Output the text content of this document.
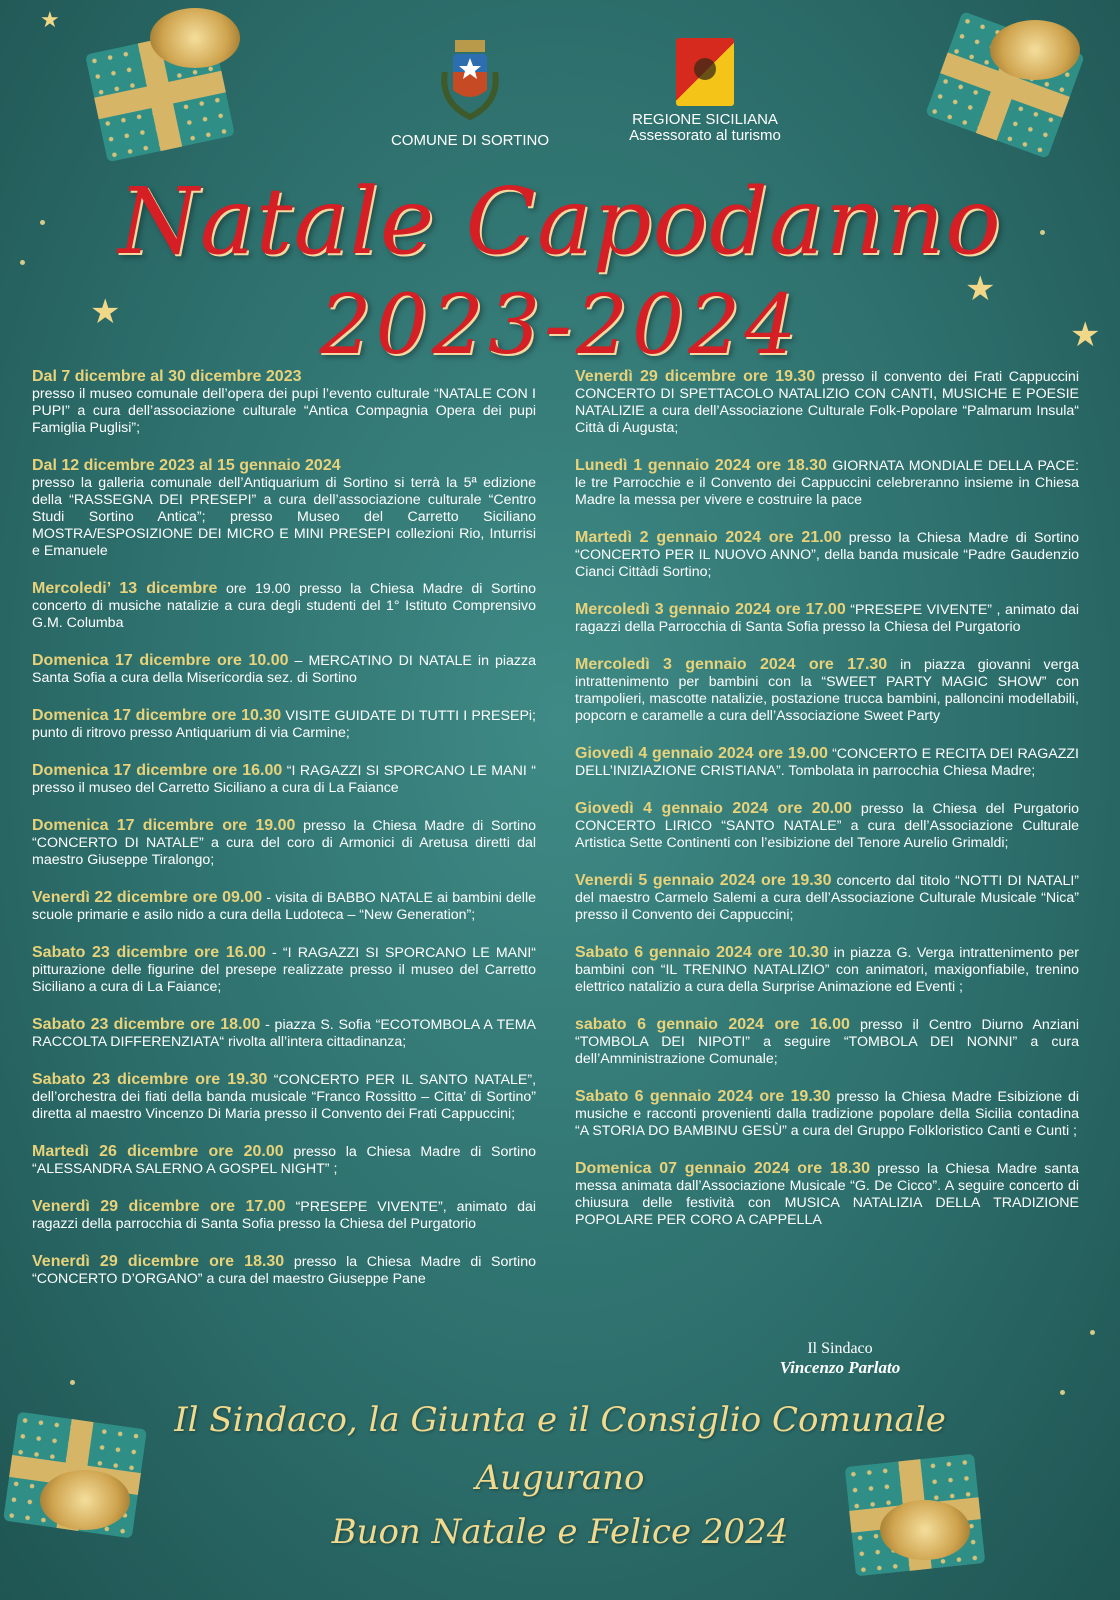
★
★
★
★
COMUNE DI SORTINO
REGIONE SICILIANA
Assessorato al turismo
Natale Capodanno
2023-2024
Dal 7 dicembre al 30 dicembre 2023
presso il museo comunale dell’opera dei pupi l’evento culturale “NATALE CON I PUPI” a cura dell’associazione culturale “Antica Compagnia Opera dei pupi Famiglia Puglisi”;
Dal 12 dicembre 2023 al 15 gennaio 2024
presso la galleria comunale dell’Antiquarium di Sortino si terrà la 5ª edizione della “RASSEGNA DEI PRESEPI” a cura dell’associazione culturale “Centro Studi Sortino Antica”; presso Museo del Carretto Siciliano MOSTRA/ESPOSIZIONE DEI MICRO E MINI PRESEPI collezioni Rio, Inturrisi e Emanuele
Mercoledi’ 13 dicembre ore 19.00 presso la Chiesa Madre di Sortino concerto di musiche natalizie a cura degli studenti del 1° Istituto Comprensivo G.M. Columba
Domenica 17 dicembre ore 10.00 – MERCATINO DI NATALE in piazza Santa Sofia a cura della Misericordia sez. di Sortino
Domenica 17 dicembre ore 10.30 VISITE GUIDATE DI TUTTI I PRESEPi; punto di ritrovo presso Antiquarium di via Carmine;
Domenica 17 dicembre ore 16.00 “I RAGAZZI SI SPORCANO LE MANI “ presso il museo del Carretto Siciliano a cura di La Faiance
Domenica 17 dicembre ore 19.00 presso la Chiesa Madre di Sortino “CONCERTO DI NATALE” a cura del coro di Armonici di Aretusa diretti dal maestro Giuseppe Tiralongo;
Venerdì 22 dicembre ore 09.00 - visita di BABBO NATALE ai bambini delle scuole primarie e asilo nido a cura della Ludoteca – “New Generation”;
Sabato 23 dicembre ore 16.00 - “I RAGAZZI SI SPORCANO LE MANI“ pitturazione delle figurine del presepe realizzate presso il museo del Carretto Siciliano a cura di La Faiance;
Sabato 23 dicembre ore 18.00 - piazza S. Sofia “ECOTOMBOLA A TEMA RACCOLTA DIFFERENZIATA“ rivolta all’intera cittadinanza;
Sabato 23 dicembre ore 19.30 “CONCERTO PER IL SANTO NATALE”, dell’orchestra dei fiati della banda musicale “Franco Rossitto – Citta’ di Sortino” diretta al maestro Vincenzo Di Maria presso il Convento dei Frati Cappuccini;
Martedì 26 dicembre ore 20.00 presso la Chiesa Madre di Sortino “ALESSANDRA SALERNO A GOSPEL NIGHT” ;
Venerdì 29 dicembre ore 17.00 “PRESEPE VIVENTE”, animato dai ragazzi della parrocchia di Santa Sofia presso la Chiesa del Purgatorio
Venerdì 29 dicembre ore 18.30 presso la Chiesa Madre di Sortino “CONCERTO D’ORGANO” a cura del maestro Giuseppe Pane
Venerdì 29 dicembre ore 19.30 presso il convento dei Frati Cappuccini CONCERTO DI SPETTACOLO NATALIZIO CON CANTI, MUSICHE E POESIE NATALIZIE a cura dell’Associazione Culturale Folk-Popolare “Palmarum Insula“ Città di Augusta;
Lunedì 1 gennaio 2024 ore 18.30 GIORNATA MONDIALE DELLA PACE: le tre Parrocchie e il Convento dei Cappuccini celebreranno insieme in Chiesa Madre la messa per vivere e costruire la pace
Martedì 2 gennaio 2024 ore 21.00 presso la Chiesa Madre di Sortino “CONCERTO PER IL NUOVO ANNO”, della banda musicale “Padre Gaudenzio Cianci Cittàdi Sortino;
Mercoledì 3 gennaio 2024 ore 17.00 “PRESEPE VIVENTE” , animato dai ragazzi della Parrocchia di Santa Sofia presso la Chiesa del Purgatorio
Mercoledì 3 gennaio 2024 ore 17.30 in piazza giovanni verga intrattenimento per bambini con la “SWEET PARTY MAGIC SHOW” con trampolieri, mascotte natalizie, postazione trucca bambini, palloncini modellabili, popcorn e caramelle a cura dell’Associazione Sweet Party
Giovedì 4 gennaio 2024 ore 19.00 “CONCERTO E RECITA DEI RAGAZZI DELL’INIZIAZIONE CRISTIANA”. Tombolata in parrocchia Chiesa Madre;
Giovedì 4 gennaio 2024 ore 20.00 presso la Chiesa del Purgatorio CONCERTO LIRICO “SANTO NATALE” a cura dell’Associazione Culturale Artistica Sette Continenti con l’esibizione del Tenore Aurelio Grimaldi;
Venerdi 5 gennaio 2024 ore 19.30 concerto dal titolo “NOTTI DI NATALI” del maestro Carmelo Salemi a cura dell’Associazione Culturale Musicale “Nica” presso il Convento dei Cappuccini;
Sabato 6 gennaio 2024 ore 10.30 in piazza G. Verga intrattenimento per bambini con “IL TRENINO NATALIZIO” con animatori, maxigonfiabile, trenino elettrico natalizio a cura della Surprise Animazione ed Eventi ;
sabato 6 gennaio 2024 ore 16.00 presso il Centro Diurno Anziani “TOMBOLA DEI NIPOTI” a seguire “TOMBOLA DEI NONNI” a cura dell’Amministrazione Comunale;
Sabato 6 gennaio 2024 ore 19.30 presso la Chiesa Madre Esibizione di musiche e racconti provenienti dalla tradizione popolare della Sicilia contadina “A STORIA DO BAMBINU GESÙ” a cura del Gruppo Folkloristico Canti e Cunti ;
Domenica 07 gennaio 2024 ore 18.30 presso la Chiesa Madre santa messa animata dall’Associazione Musicale “G. De Cicco”. A seguire concerto di chiusura delle festività con MUSICA NATALIZIA DELLA TRADIZIONE POPOLARE PER CORO A CAPPELLA
Il Sindaco
Vincenzo Parlato
Il Sindaco, la Giunta e il Consiglio Comunale
Augurano
Buon Natale e Felice 2024
